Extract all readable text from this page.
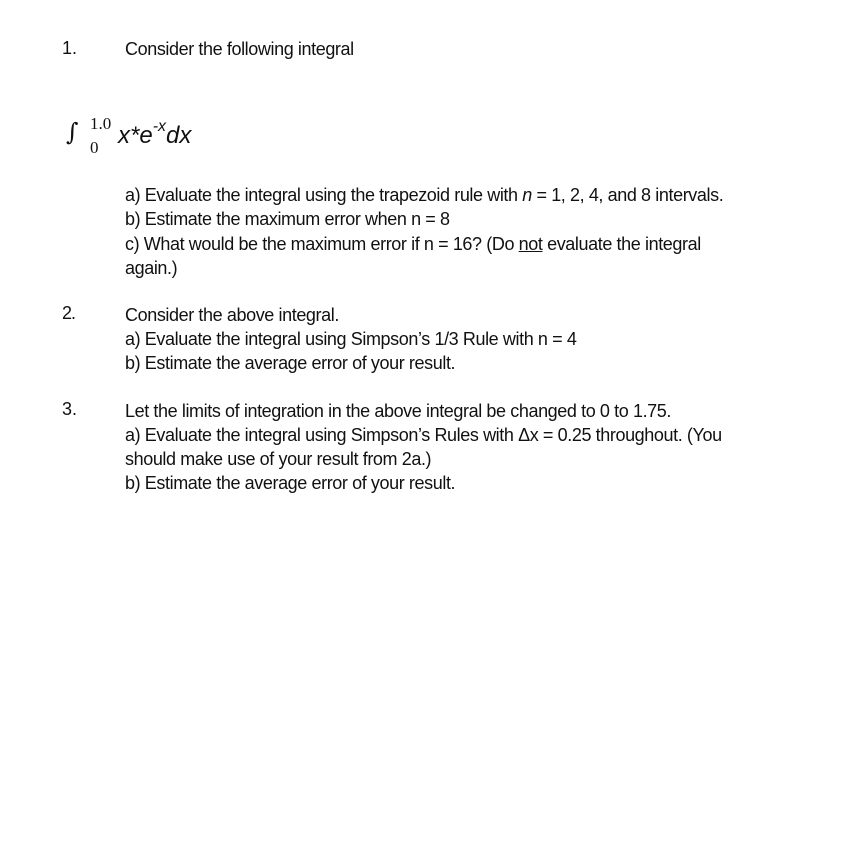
1.	Consider the following integral
∫ 1.0
0 $x*e^{-x}dx$
a) Evaluate the integral using the trapezoid rule with n = 1, 2, 4, and 8 intervals.
b) Estimate the maximum error when n = 8
c) What would be the maximum error if n = 16? (Do not evaluate the integral
again.)
2.	Consider the above integral.
a) Evaluate the integral using Simpson’s 1/3 Rule with n = 4
b) Estimate the average error of your result.
3.	Let the limits of integration in the above integral be changed to 0 to 1.75.
a) Evaluate the integral using Simpson’s Rules with Δx = 0.25 throughout. (You
should make use of your result from 2a.)
b) Estimate the average error of your result.
